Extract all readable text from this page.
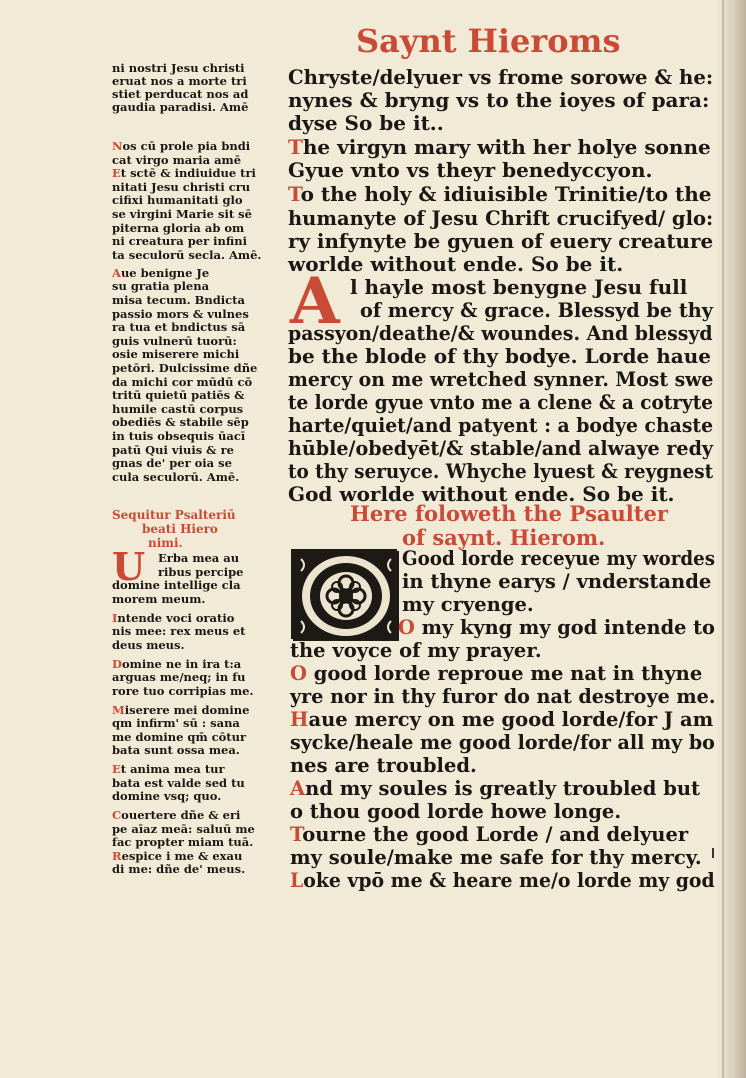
Saynt Hieroms
Chryste/delyuer vs frome sorowe & he:
nynes & bryng vs to the ioyes of para:
dyse So be it..
The virgyn mary with her holye sonne
Gyue vnto vs theyr benedyccyon.
To the holy & idiuisible Trinitie/to the
humanyte of Jesu Chrift crucifyed/ glo:
ry infynyte be gyuen of euery creature
worlde without ende. So be it.
l hayle most benygne Jesu full
of mercy & grace. Blessyd be thy
passyon/deathe/& woundes. And blessyd
be the blode of thy bodye. Lorde haue
mercy on me wretched synner. Most swe
te lorde gyue vnto me a clene & a cotryte
harte/quiet/and patyent : a bodye chaste
hūble/obedyēt/& stable/and alwaye redy
to thy seruyce. Whyche lyuest & reygnest
God worlde without ende. So be it.
A
Here foloweth the Psaulter
of saynt. Hierom.
Good lorde receyue my wordes
in thyne earys / vnderstande
my cryenge.
O my kyng my god intende to
the voyce of my prayer.
O good lorde reproue me nat in thyne
yre nor in thy furor do nat destroye me.
Haue mercy on me good lorde/for J am
sycke/heale me good lorde/for all my bo
nes are troubled.
And my soules is greatly troubled but
o thou good lorde howe longe.
Tourne the good Lorde / and delyuer
my soule/make me safe for thy mercy.
Loke vpō me & heare me/o lorde my god
ni nostri Jesu christi
eruat nos a morte tri
stiet perducat nos ad
gaudia paradisi. Amē
Nos cū prole pia bndi
cat virgo maria amē
Et sctē & indiuidue tri
nitati Jesu christi cru
cifixi humanitati glo
se virgini Marie sit sē
piterna gloria ab om
ni creatura per infini
ta seculorū secla. Amē.
Aue benigne Je
su gratia plena
misa tecum. Bndicta
passio mors & vulnes
ra tua et bndictus sā
guis vulnerū tuorū:
osie miserere michi
petōri. Dulcissime dñe
da michi cor mūdū cō
tritū quietū patiēs &
humile castū corpus
obediēs & stabile sēp
in tuis obsequis ūacī
patū Qui viuis & re
gnas de' per oia se
cula seculorū. Amē.
Sequitur Psalteriū
beati Hiero
nimi.
U Erba mea au
ribus percipe
domine intellige cla
morem meum.
Intende voci oratio
nis mee: rex meus et
deus meus.
Domine ne in ira t:a
arguas me/neq; in fu
rore tuo corripias me.
Miserere mei domine
qm infirm' sū : sana
me domine qm̄ cōtur
bata sunt ossa mea.
Et anima mea tur
bata est valde sed tu
domine vsq; quo.
Couertere dñe & eri
pe aīaz meā: saluū me
fac propter miam tuā.
Respice i me & exau
di me: dñe de' meus.
